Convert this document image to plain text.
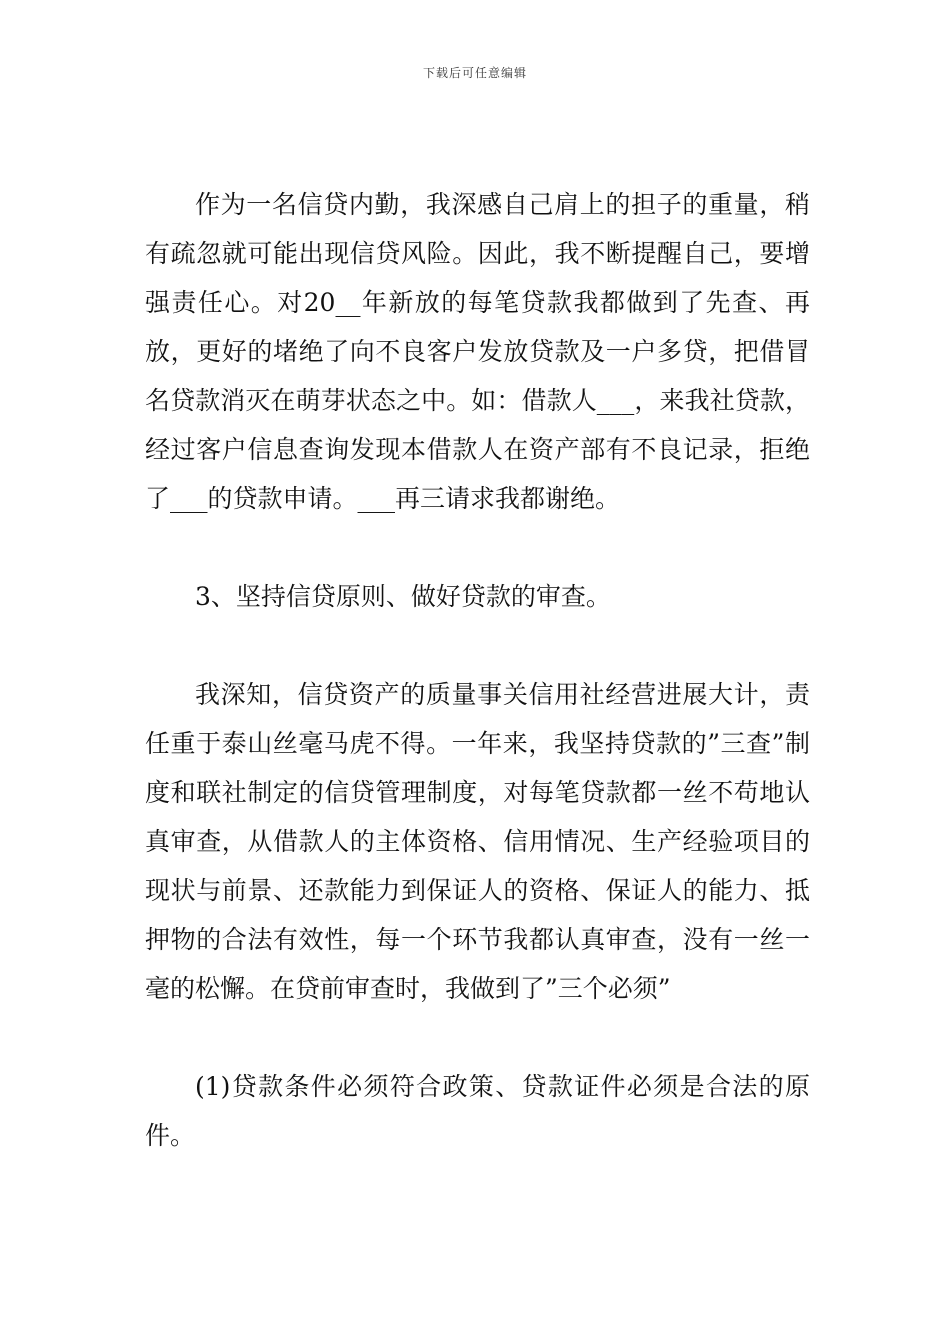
下载后可任意编辑

作为一名信贷内勤，我深感自己肩上的担子的重量，稍有疏忽就可能出现信贷风险。因此，我不断提醒自己，要增强责任心。对20__年新放的每笔贷款我都做到了先查、再放，更好的堵绝了向不良客户发放贷款及一户多贷，把借冒名贷款消灭在萌芽状态之中。如：借款人___，来我社贷款，经过客户信息查询发现本借款人在资产部有不良记录，拒绝了___的贷款申请。___再三请求我都谢绝。

3、坚持信贷原则、做好贷款的审查。

我深知，信贷资产的质量事关信用社经营进展大计，责任重于泰山丝毫马虎不得。一年来，我坚持贷款的”三查”制度和联社制定的信贷管理制度，对每笔贷款都一丝不苟地认真审查，从借款人的主体资格、信用情况、生产经验项目的现状与前景、还款能力到保证人的资格、保证人的能力、抵押物的合法有效性，每一个环节我都认真审查，没有一丝一毫的松懈。在贷前审查时，我做到了”三个必须”

(1)贷款条件必须符合政策、贷款证件必须是合法的原件。
